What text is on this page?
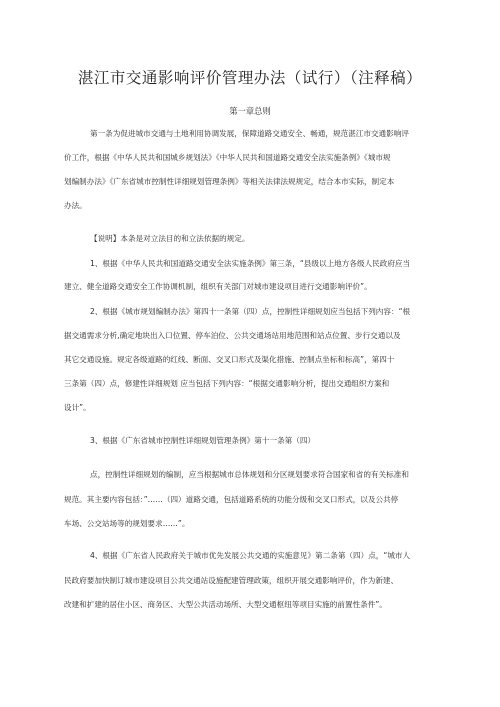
湛江市交通影响评价管理办法（试行）（注释稿）
第一章总则
第一条为促进城市交通与土地利用协调发展，保障道路交通安全、畅通，规范湛江市交通影响评
价工作，根据《中华人民共和国城乡规划法》《中华人民共和国道路交通安全法实施条例》《城市规
划编制办法》《广东省城市控制性详细规划管理条例》等相关法律法规规定，结合本市实际，制定本
办法。
【说明】本条是对立法目的和立法依据的规定。
1、根据《中华人民共和国道路交通安全法实施条例》第三条，“县级以上地方各级人民政府应当
建立、健全道路交通安全工作协调机制，组织有关部门对城市建设项目进行交通影响评价”。
2、根据《城市规划编制办法》第四十一条第（四）点，控制性详细规划应当包括下列内容：“根
据交通需求分析,确定地块出入口位置、停车泊位、公共交通场站用地范围和站点位置、步行交通以及
其它交通设施。规定各级道路的红线、断面、交叉口形式及渠化措施、控制点坐标和标高”，第四十
三条第（四）点，修建性详细规划 应当包括下列内容：“根据交通影响分析，提出交通组织方案和
设计”。
3、根据《广东省城市控制性详细规划管理条例》第十一条第（四）
点，控制性详细规划的编制，应当根据城市总体规划和分区规划要求符合国家和省的有关标准和
规范。其主要内容包括：”……（四）道路交通，包括道路系统的功能分级和交叉口形式，以及公共停
车场、公交站场等的规划要求……”。
4、根据《广东省人民政府关于城市优先发展公共交通的实施意见》第二条第（四）点，“城市人
民政府要加快制订城市建设项目公共交通站设施配建管理政策，组织开展交通影响评价，作为新建、
改建和扩建的居住小区、商务区、大型公共活动场所、大型交通枢纽等项目实施的前置性条件”。
